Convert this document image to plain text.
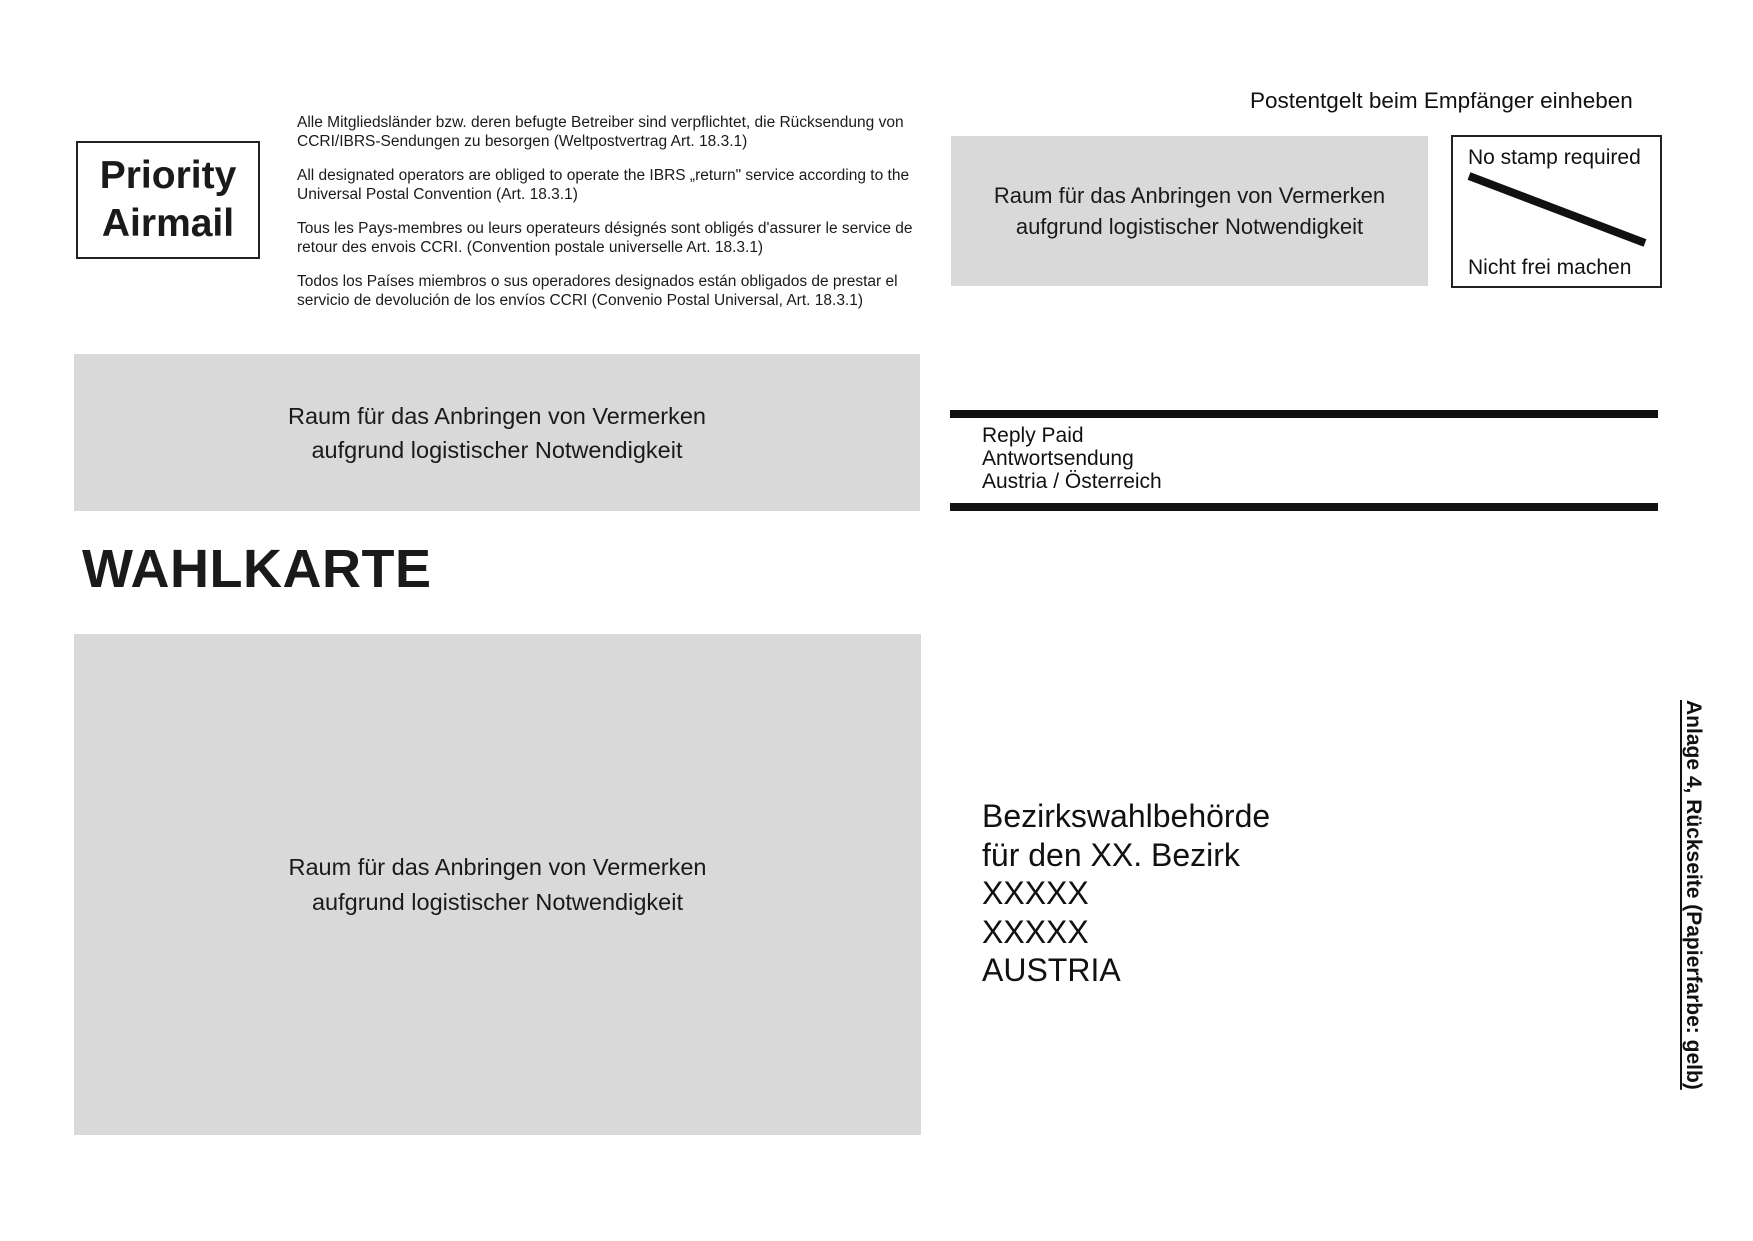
Priority
Airmail

Alle Mitgliedsländer bzw. deren befugte Betreiber sind verpflichtet, die Rücksendung von CCRI/IBRS-Sendungen zu besorgen (Weltpostvertrag Art. 18.3.1)

All designated operators are obliged to operate the IBRS „return" service according to the Universal Postal Convention (Art. 18.3.1)

Tous les Pays-membres ou leurs operateurs désignés sont obligés d'assurer le service de retour des envois CCRI. (Convention postale universelle Art. 18.3.1)

Todos los Países miembros o sus operadores designados están obligados de prestar el servicio de devolución de los envíos CCRI (Convenio Postal Universal, Art. 18.3.1)

Postentgelt beim Empfänger einheben
Raum für das Anbringen von Vermerken
aufgrund logistischer Notwendigkeit
No stamp required
Nicht frei machen
Raum für das Anbringen von Vermerken
aufgrund logistischer Notwendigkeit
Reply Paid
Antwortsendung
Austria / Österreich
WAHLKARTE
Raum für das Anbringen von Vermerken
aufgrund logistischer Notwendigkeit
Bezirkswahlbehörde
für den XX. Bezirk
XXXXX
XXXXX
AUSTRIA	Anlage 4, Rückseite (Papierfarbe: gelb)
